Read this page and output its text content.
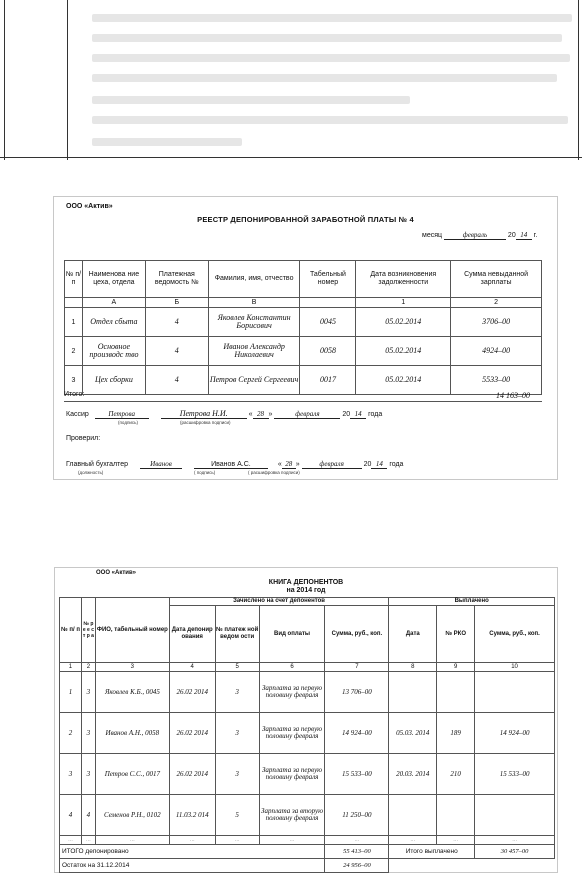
ООО «Актив»
РЕЕСТР ДЕПОНИРОВАННОЙ ЗАРАБОТНОЙ ПЛАТЫ № 4
месяц	февраль	20 14 г.
№ п/ п	Наименова ние цеха, отдела	Платежная ведомость №	Фамилия, имя, отчество	Табельный номер	Дата возникновения задолженности	Сумма невыданной зарплаты
	А	Б	В		1	2
1	Отдел сбыта	4	Яковлев Константин Борисович	0045	05.02.2014	3706–00
2	Основное производс тво	4	Иванов Александр Николаевич	0058	05.02.2014	4924–00
3	Цех сборки	4	Петров Сергей Сергеевич	0017	05.02.2014	5533–00
Итого:	14 163–00
Кассир	Петрова	Петрова Н.И.	« 28 »	февраля	20 14 года
(подпись)	(расшифровка подписи)
Проверил:
Главный бухгалтер	Иванов	Иванов А.С.	« 28 »	февраля	20 14 года
(должность)	( подпись)	( расшифровка подписи)
ООО «Актив»
КНИГА ДЕПОНЕНТОВ
на 2014 год
№ п/ п	№ р е е с т р а	ФИО, табельный номер	Зачислено на счет депонентов				Выплачено		
			Дата депонир ования	№ платеж ной ведом ости	Вид оплаты	Сумма, руб., коп.	Дата	№ РКО	Сумма, руб., коп.
1	2	3	4	5	6	7	8	9	10
1	3	Яковлев К.Б., 0045	26.02 2014	3	Зарплата за первую половину февраля	13 706–00			
2	3	Иванов А.Н., 0058	26.02 2014	3	Зарплата за первую половину февраля	14 924–00	05.03. 2014	189	14 924–00
3	3	Петров С.С., 0017	26.02 2014	3	Зарплата за первую половину февраля	15 533–00	20.03. 2014	210	15 533–00
4	4	Семенов Р.Н., 0102	11.03.2 014	5	Зарплата за вторую половину февраля	11 250–00			
…	…	…	…	…	…	…	…	…	…
ИТОГО депонировано						55 413–00	Итого выплачено		30 457–00
Остаток на 31.12.2014						24 956–00			
